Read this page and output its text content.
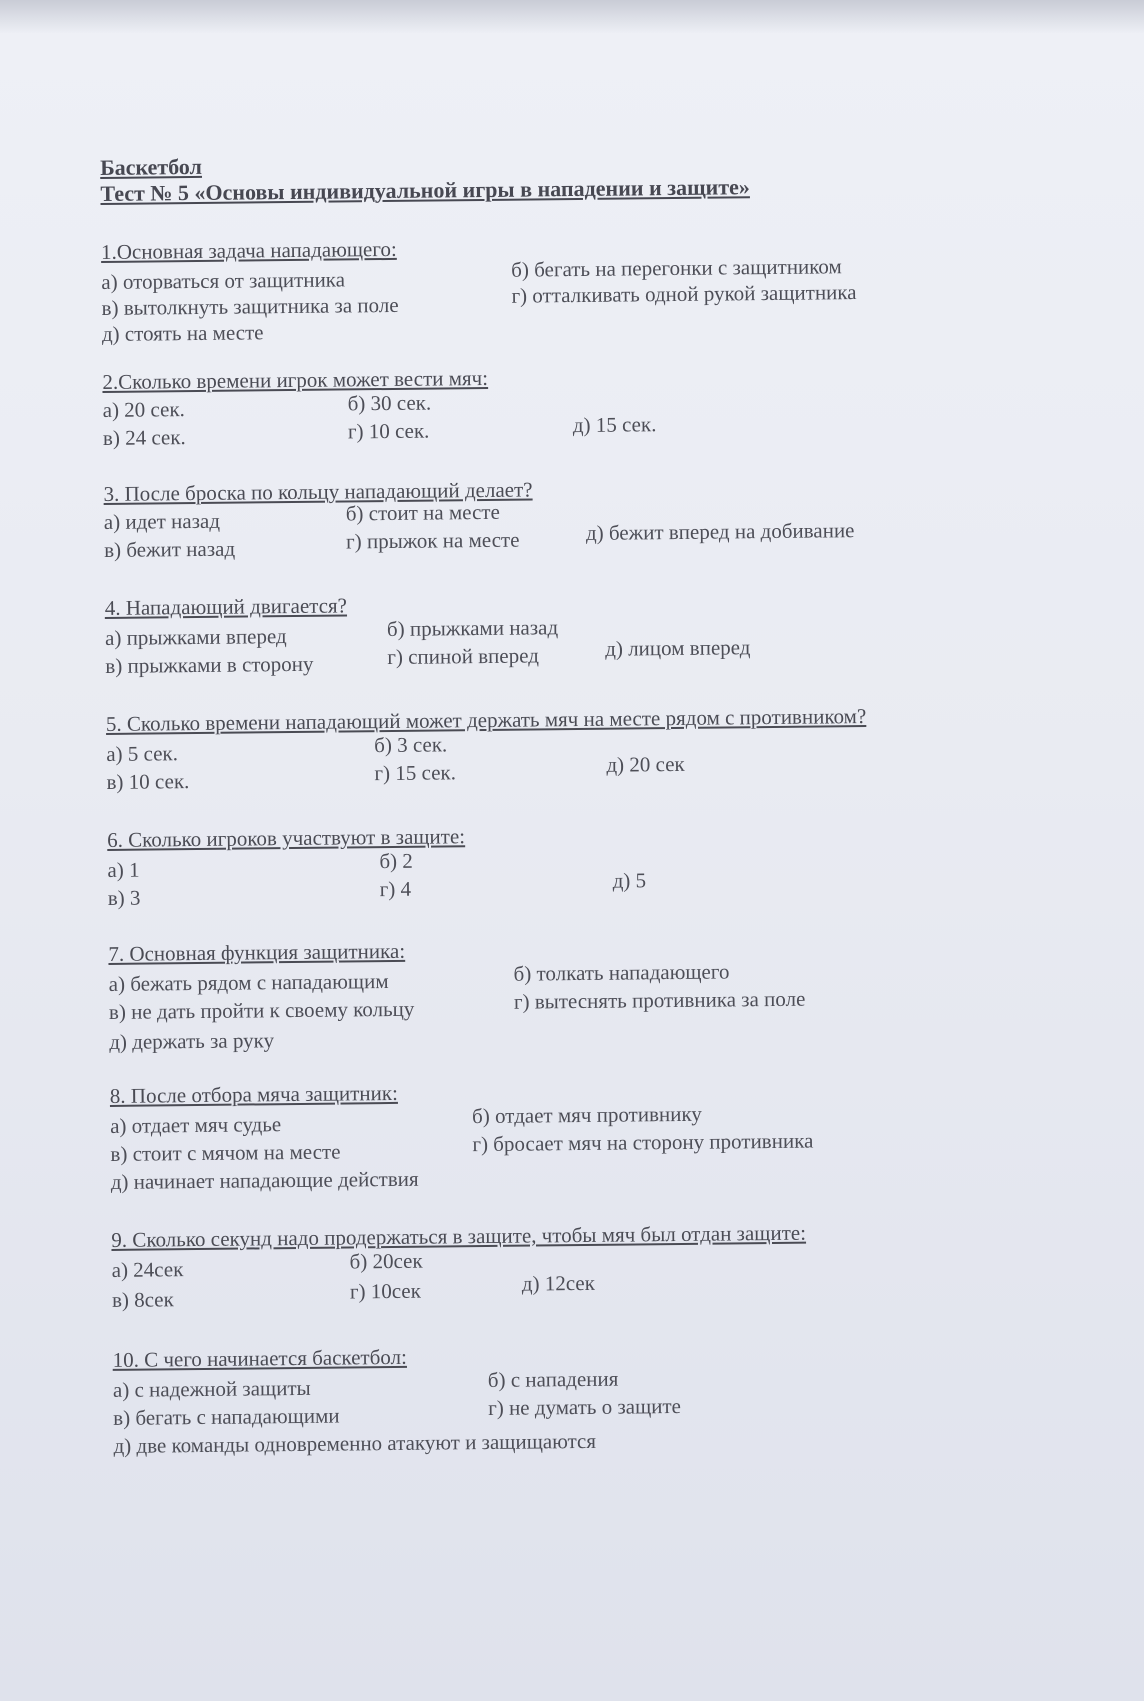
Баскетбол
Тест № 5 «Основы индивидуальной игры в нападении и защите»
1.Основная задача нападающего:
а) оторваться от защитника	б) бегать на перегонки с защитником
в) вытолкнуть защитника за поле	г) отталкивать одной рукой защитника
д) стоять на месте
2.Сколько времени игрок может вести мяч:
а) 20 сек.	б) 30 сек.
в) 24 сек.	г) 10 сек.	д) 15 сек.
3. После броска по кольцу нападающий делает?
а) идет назад	б) стоит на месте
в) бежит назад	г) прыжок на месте	д) бежит вперед на добивание
4. Нападающий двигается?
а) прыжками вперед	б) прыжками назад
в) прыжками в сторону	г) спиной вперед	д) лицом вперед
5. Сколько времени нападающий может держать мяч на месте рядом с противником?
а) 5 сек.	б) 3 сек.
в) 10 сек.	г) 15 сек.	д) 20 сек
6. Сколько игроков участвуют в защите:
а) 1	б) 2
в) 3	г) 4	д) 5
7. Основная функция защитника:
а) бежать рядом с нападающим	б) толкать нападающего
в) не дать пройти к своему кольцу	г) вытеснять противника за поле
д) держать за руку
8. После отбора мяча защитник:
а) отдает мяч судье	б) отдает мяч противнику
в) стоит с мячом на месте	г) бросает мяч на сторону противника
д) начинает нападающие действия
9. Сколько секунд надо продержаться в защите, чтобы мяч был отдан защите:
а) 24сек	б) 20сек
в) 8сек	г) 10сек	д) 12сек
10. С чего начинается баскетбол:
а) с надежной защиты	б) с нападения
в) бегать с нападающими	г) не думать о защите
д) две команды одновременно атакуют и защищаются
